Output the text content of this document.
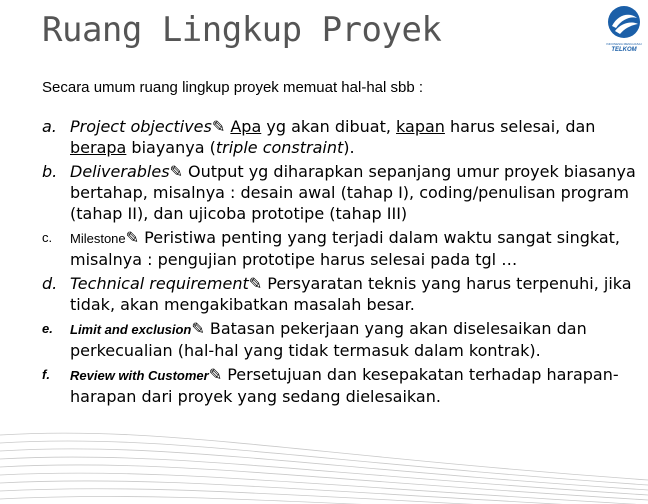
Ruang Lingkup Proyek	INDONESIA MENGUASAI
TELKOM
Secara umum ruang lingkup proyek memuat hal-hal sbb :
a. Project objectives✎ Apa yg akan dibuat, kapan harus selesai, dan berapa biayanya (triple constraint).
b. Deliverables✎ Output yg diharapkan sepanjang umur proyek biasanya bertahap, misalnya : desain awal (tahap I), coding/penulisan program (tahap II), dan ujicoba prototipe (tahap III)
c. Milestone✎ Peristiwa penting yang terjadi dalam waktu sangat singkat, misalnya : pengujian prototipe harus selesai pada tgl …
d. Technical requirement✎ Persyaratan teknis yang harus terpenuhi, jika tidak, akan mengakibatkan masalah besar.
e. Limit and exclusion✎ Batasan pekerjaan yang akan diselesaikan dan perkecualian (hal-hal yang tidak termasuk dalam kontrak).
f. Review with Customer✎ Persetujuan dan kesepakatan terhadap harapan-harapan dari proyek yang sedang dielesaikan.
